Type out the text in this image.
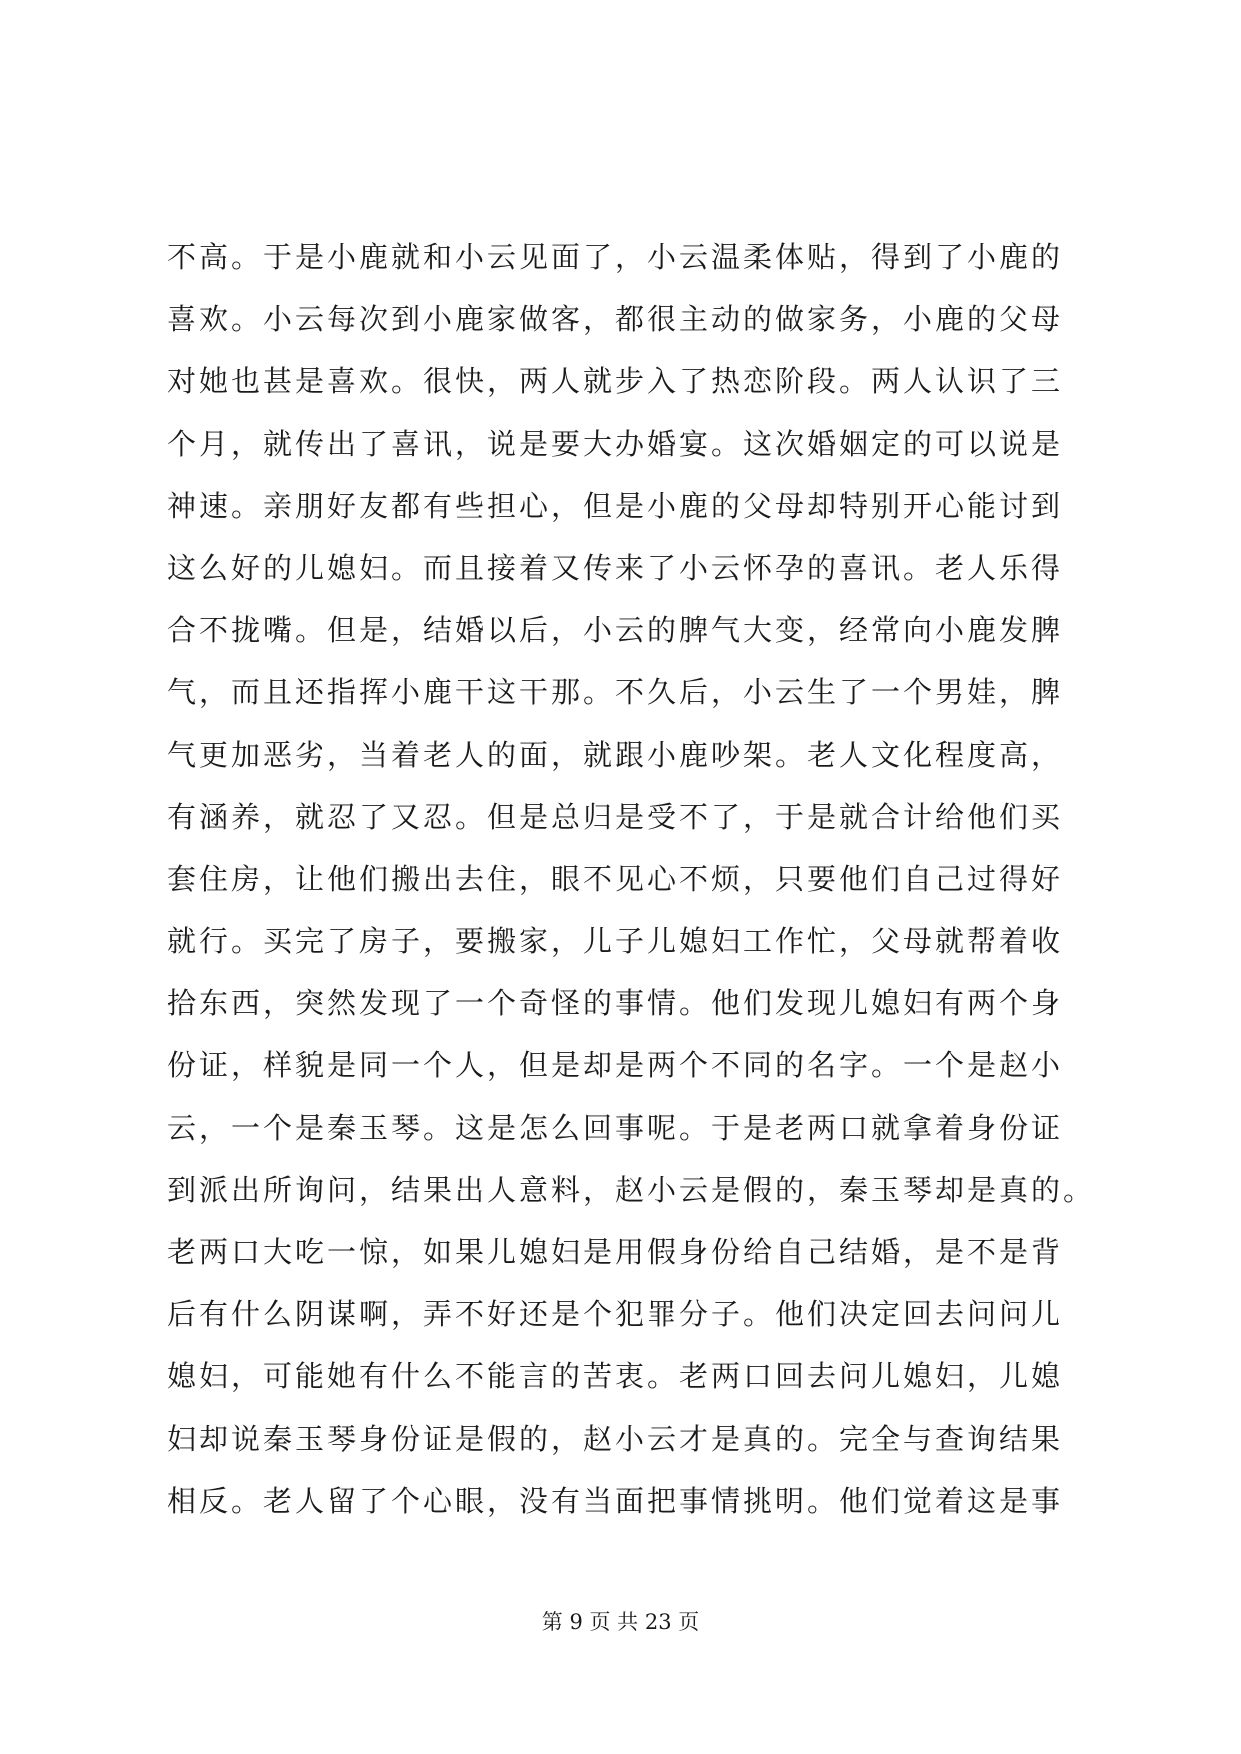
不高。于是小鹿就和小云见面了，小云温柔体贴，得到了小鹿的
喜欢。小云每次到小鹿家做客，都很主动的做家务，小鹿的父母
对她也甚是喜欢。很快，两人就步入了热恋阶段。两人认识了三
个月，就传出了喜讯，说是要大办婚宴。这次婚姻定的可以说是
神速。亲朋好友都有些担心，但是小鹿的父母却特别开心能讨到
这么好的儿媳妇。而且接着又传来了小云怀孕的喜讯。老人乐得
合不拢嘴。但是，结婚以后，小云的脾气大变，经常向小鹿发脾
气，而且还指挥小鹿干这干那。不久后，小云生了一个男娃，脾
气更加恶劣，当着老人的面，就跟小鹿吵架。老人文化程度高，
有涵养，就忍了又忍。但是总归是受不了，于是就合计给他们买
套住房，让他们搬出去住，眼不见心不烦，只要他们自己过得好
就行。买完了房子，要搬家，儿子儿媳妇工作忙，父母就帮着收
拾东西，突然发现了一个奇怪的事情。他们发现儿媳妇有两个身
份证，样貌是同一个人，但是却是两个不同的名字。一个是赵小
云，一个是秦玉琴。这是怎么回事呢。于是老两口就拿着身份证
到派出所询问，结果出人意料，赵小云是假的，秦玉琴却是真的。
老两口大吃一惊，如果儿媳妇是用假身份给自己结婚，是不是背
后有什么阴谋啊，弄不好还是个犯罪分子。他们决定回去问问儿
媳妇，可能她有什么不能言的苦衷。老两口回去问儿媳妇，儿媳
妇却说秦玉琴身份证是假的，赵小云才是真的。完全与查询结果
相反。老人留了个心眼，没有当面把事情挑明。他们觉着这是事
第 9 页 共 23 页
